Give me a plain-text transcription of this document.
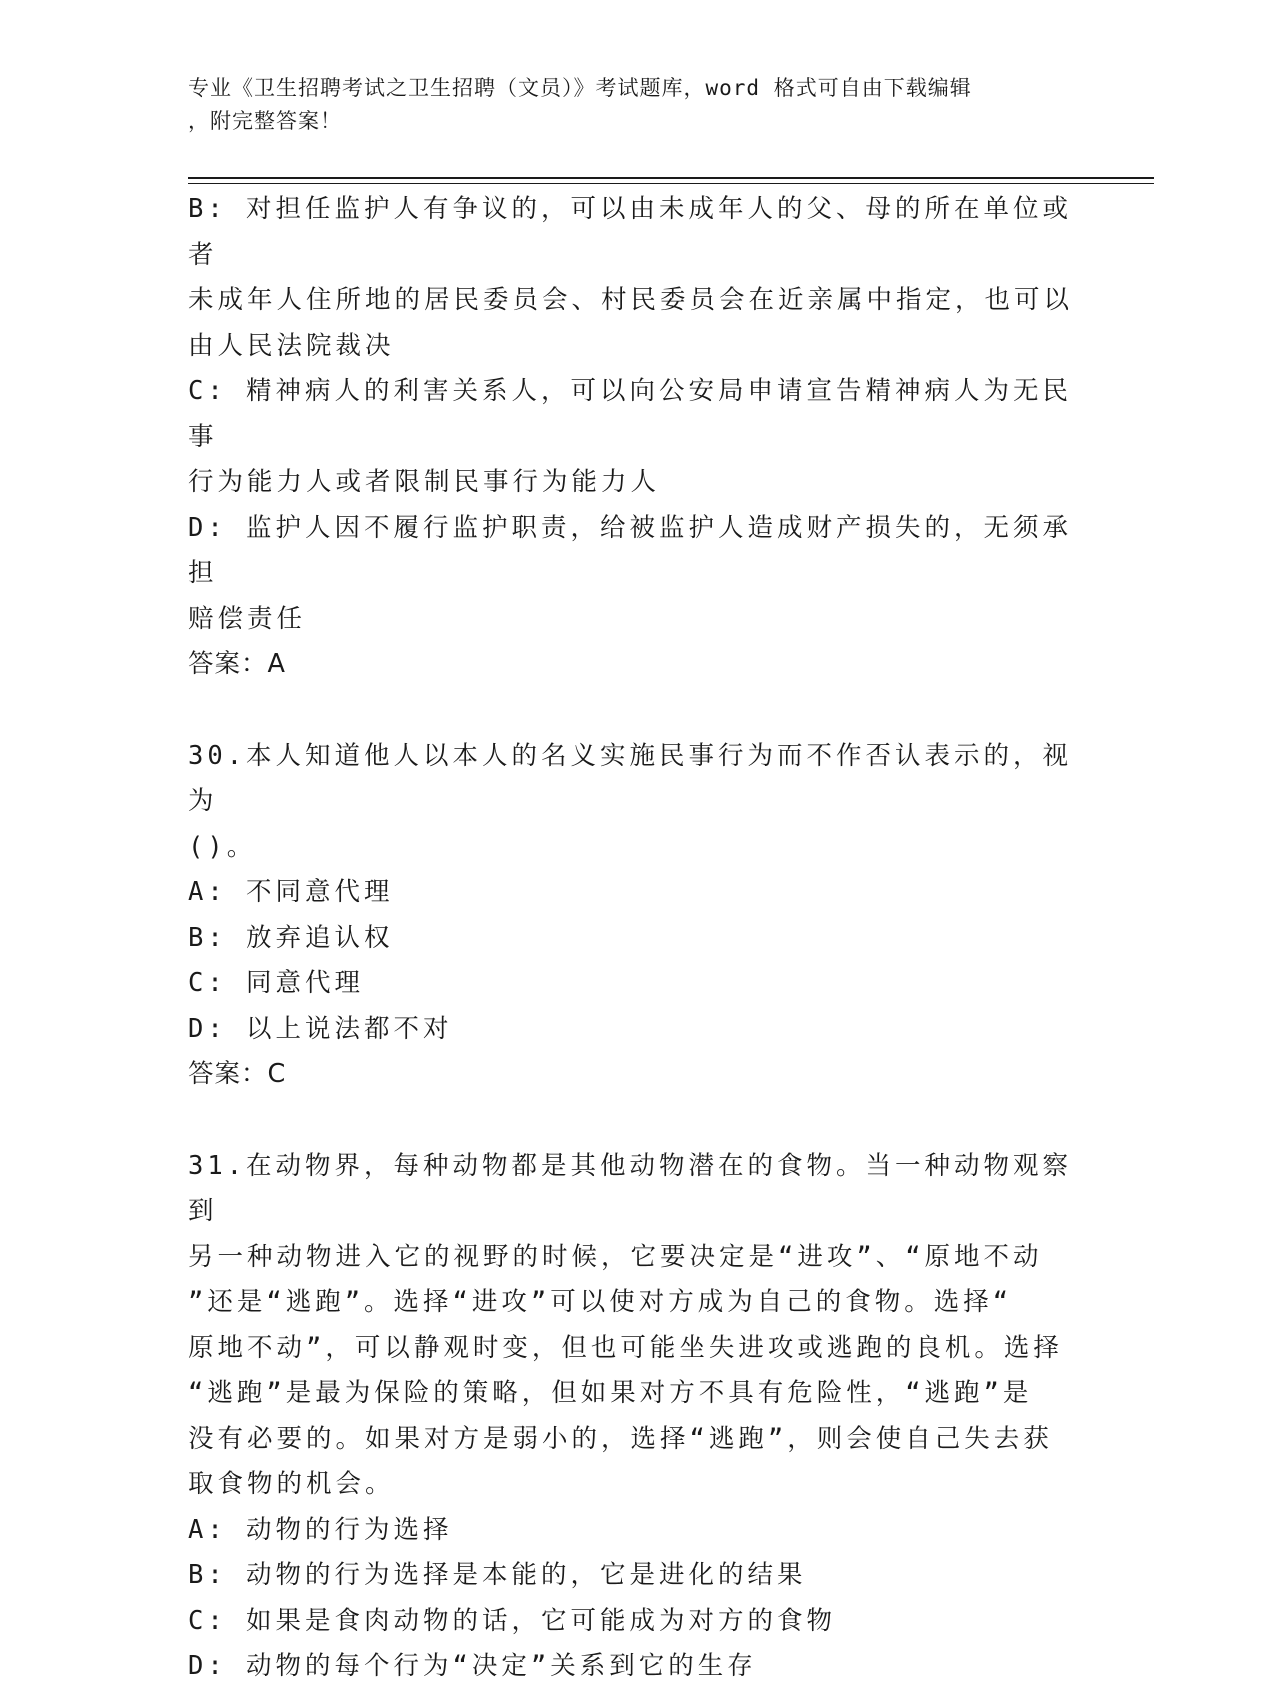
专业《卫生招聘考试之卫生招聘（文员）》考试题库，word 格式可自由下载编辑
，附完整答案！

B: 对担任监护人有争议的，可以由未成年人的父、母的所在单位或者

未成年人住所地的居民委员会、村民委员会在近亲属中指定，也可以

由人民法院裁决

C: 精神病人的利害关系人，可以向公安局申请宣告精神病人为无民事

行为能力人或者限制民事行为能力人

D: 监护人因不履行监护职责，给被监护人造成财产损失的，无须承担

赔偿责任

答案：A

30.本人知道他人以本人的名义实施民事行为而不作否认表示的，视为

()。

A: 不同意代理

B: 放弃追认权

C: 同意代理

D: 以上说法都不对

答案：C

31.在动物界，每种动物都是其他动物潜在的食物。当一种动物观察到

另一种动物进入它的视野的时候，它要决定是“进攻”、“原地不动

”还是“逃跑”。选择“进攻”可以使对方成为自己的食物。选择“

原地不动”，可以静观时变，但也可能坐失进攻或逃跑的良机。选择

“逃跑”是最为保险的策略，但如果对方不具有危险性，“逃跑”是

没有必要的。如果对方是弱小的，选择“逃跑”，则会使自己失去获

取食物的机会。

A: 动物的行为选择

B: 动物的行为选择是本能的，它是进化的结果

C: 如果是食肉动物的话，它可能成为对方的食物

D: 动物的每个行为“决定”关系到它的生存
